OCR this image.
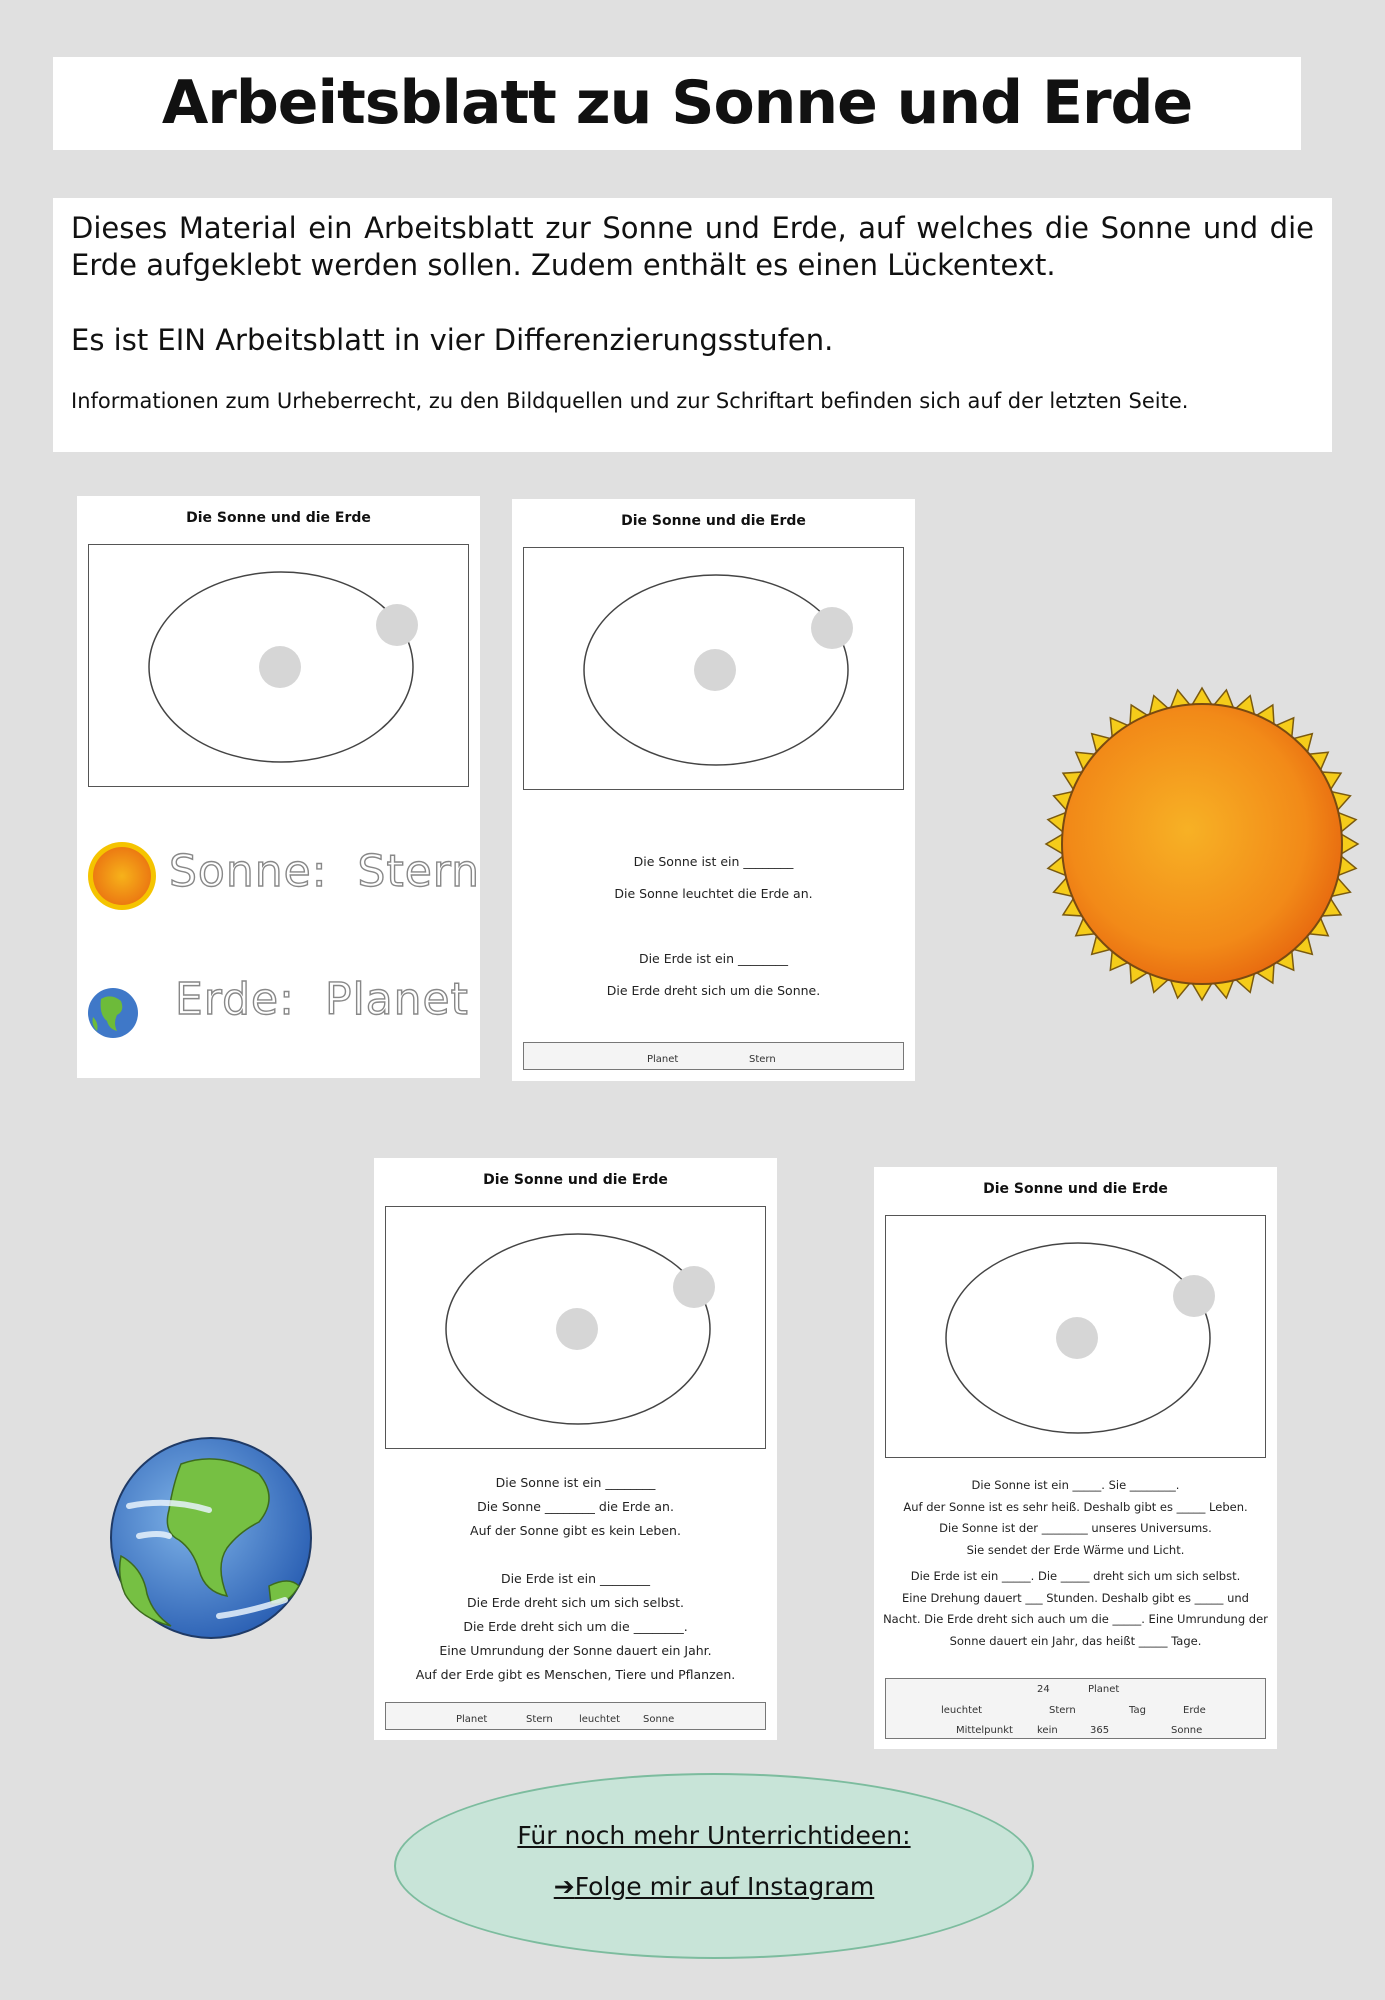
Arbeitsblatt zu Sonne und Erde

Dieses Material ein Arbeitsblatt zur Sonne und Erde, auf welches die Sonne und die Erde aufgeklebt werden sollen. Zudem enthält es einen Lückentext.

Es ist EIN Arbeitsblatt in vier Differenzierungsstufen.

Informationen zum Urheberrecht, zu den Bildquellen und zur Schriftart befinden sich auf der letzten Seite.

Die Sonne und die Erde
Sonne: Stern
Erde: Planet
Die Sonne und die Erde
Die Sonne ist ein ________
Die Sonne leuchtet die Erde an.
Die Erde ist ein ________
Die Erde dreht sich um die Sonne.
Planet	Stern
Die Sonne und die Erde
Die Sonne ist ein ________
Die Sonne ________ die Erde an.
Auf der Sonne gibt es kein Leben.
Die Erde ist ein ________
Die Erde dreht sich um sich selbst.
Die Erde dreht sich um die ________.
Eine Umrundung der Sonne dauert ein Jahr.
Auf der Erde gibt es Menschen, Tiere und Pflanzen.
Planet	Stern	leuchtet Sonne
Die Sonne und die Erde
Die Sonne ist ein _____. Sie ________.
Auf der Sonne ist es sehr heiß. Deshalb gibt es _____ Leben.
Die Sonne ist der ________ unseres Universums.
Sie sendet der Erde Wärme und Licht.
Die Erde ist ein _____. Die _____ dreht sich um sich selbst.
Eine Drehung dauert ___ Stunden. Deshalb gibt es _____ und
Nacht. Die Erde dreht sich auch um die _____. Eine Umrundung der
Sonne dauert ein Jahr, das heißt _____ Tage.
24	Planet
leuchtet	Stern	Tag	Erde
Mittelpunkt kein	365	Sonne
Für noch mehr Unterrichtideen:
➔Folge mir auf Instagram
